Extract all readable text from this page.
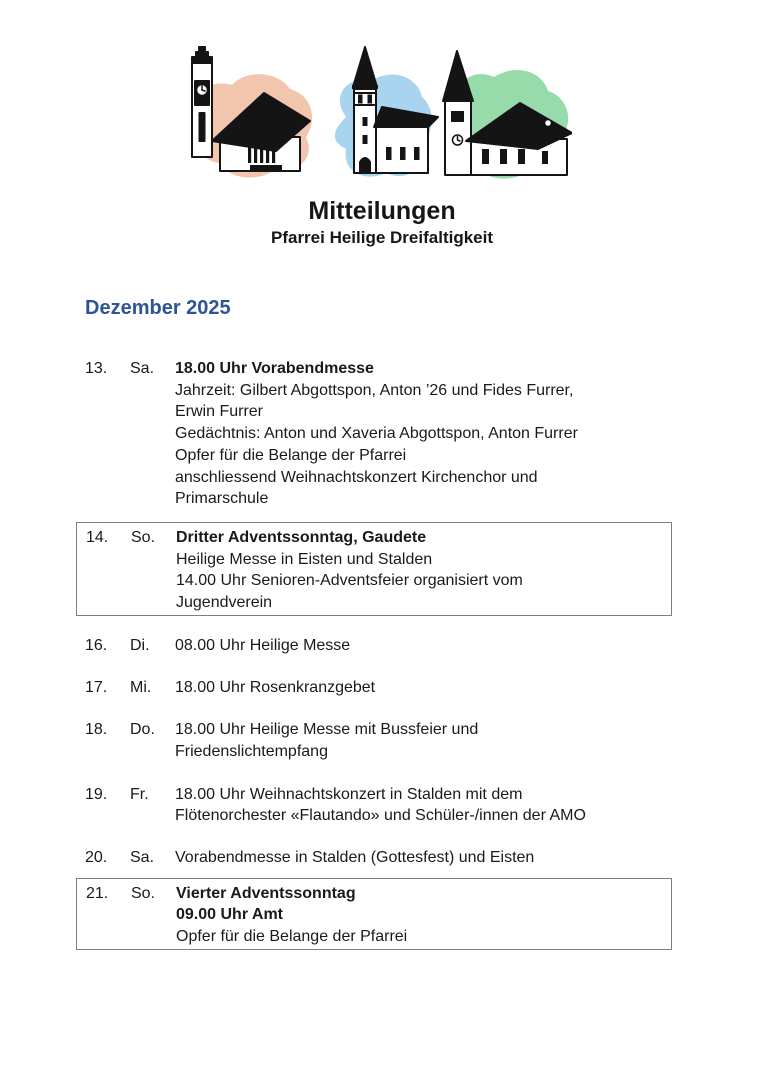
Mitteilungen
Pfarrei Heilige Dreifaltigkeit
Dezember 2025
13.	Sa.	18.00 Uhr Vorabendmesse
Jahrzeit: Gilbert Abgottspon, Anton ’26 und Fides Furrer,
Erwin Furrer
Gedächtnis: Anton und Xaveria Abgottspon, Anton Furrer
Opfer für die Belange der Pfarrei
anschliessend Weihnachtskonzert Kirchenchor und
Primarschule
14.	So.	Dritter Adventssonntag, Gaudete
Heilige Messe in Eisten und Stalden
14.00 Uhr Senioren-Adventsfeier organisiert vom
Jugendverein
16.	Di.	08.00 Uhr Heilige Messe
17.	Mi.	18.00 Uhr Rosenkranzgebet
18.	Do.	18.00 Uhr Heilige Messe mit Bussfeier und
Friedenslichtempfang
19.	Fr.	18.00 Uhr Weihnachtskonzert in Stalden mit dem
Flötenorchester «Flautando» und Schüler-/innen der AMO
20.	Sa.	Vorabendmesse in Stalden (Gottesfest) und Eisten
21.	So.	Vierter Adventssonntag
09.00 Uhr Amt
Opfer für die Belange der Pfarrei
